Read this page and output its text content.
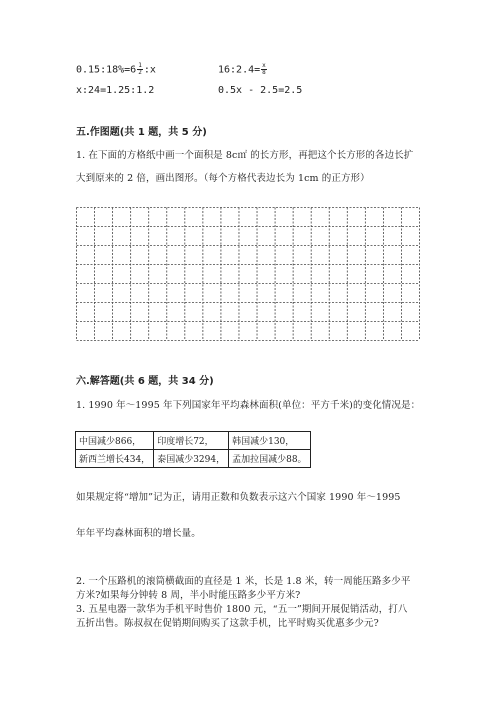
0.15:18%=6 $\frac{1}{2}$ :x	16:2.4= $\frac{x}{8}$
x:24=1.25:1.2	0.5x - 2.5=2.5
五.作图题(共 1 题，共 5 分)
1. 在下面的方格纸中画一个面积是 8c㎡ 的长方形，再把这个长方形的各边长扩
大到原来的 2 倍，画出图形。（每个方格代表边长为 1cm 的正方形）
六.解答题(共 6 题，共 34 分)
1. 1990 年～1995 年下列国家年平均森林面积(单位：平方千米)的变化情况是：
中国减少866，	印度增长72，	韩国减少130，
新西兰增长434，	泰国减少3294，	孟加拉国减少88。
如果规定将“增加”记为正，请用正数和负数表示这六个国家 1990 年～1995
年年平均森林面积的增长量。
2. 一个压路机的滚筒横截面的直径是 1 米，长是 1.8 米，转一周能压路多少平
方米?如果每分钟转 8 周，半小时能压路多少平方米?
3. 五星电器一款华为手机平时售价 1800 元，“五一”期间开展促销活动，打八
五折出售。陈叔叔在促销期间购买了这款手机，比平时购买优惠多少元?
